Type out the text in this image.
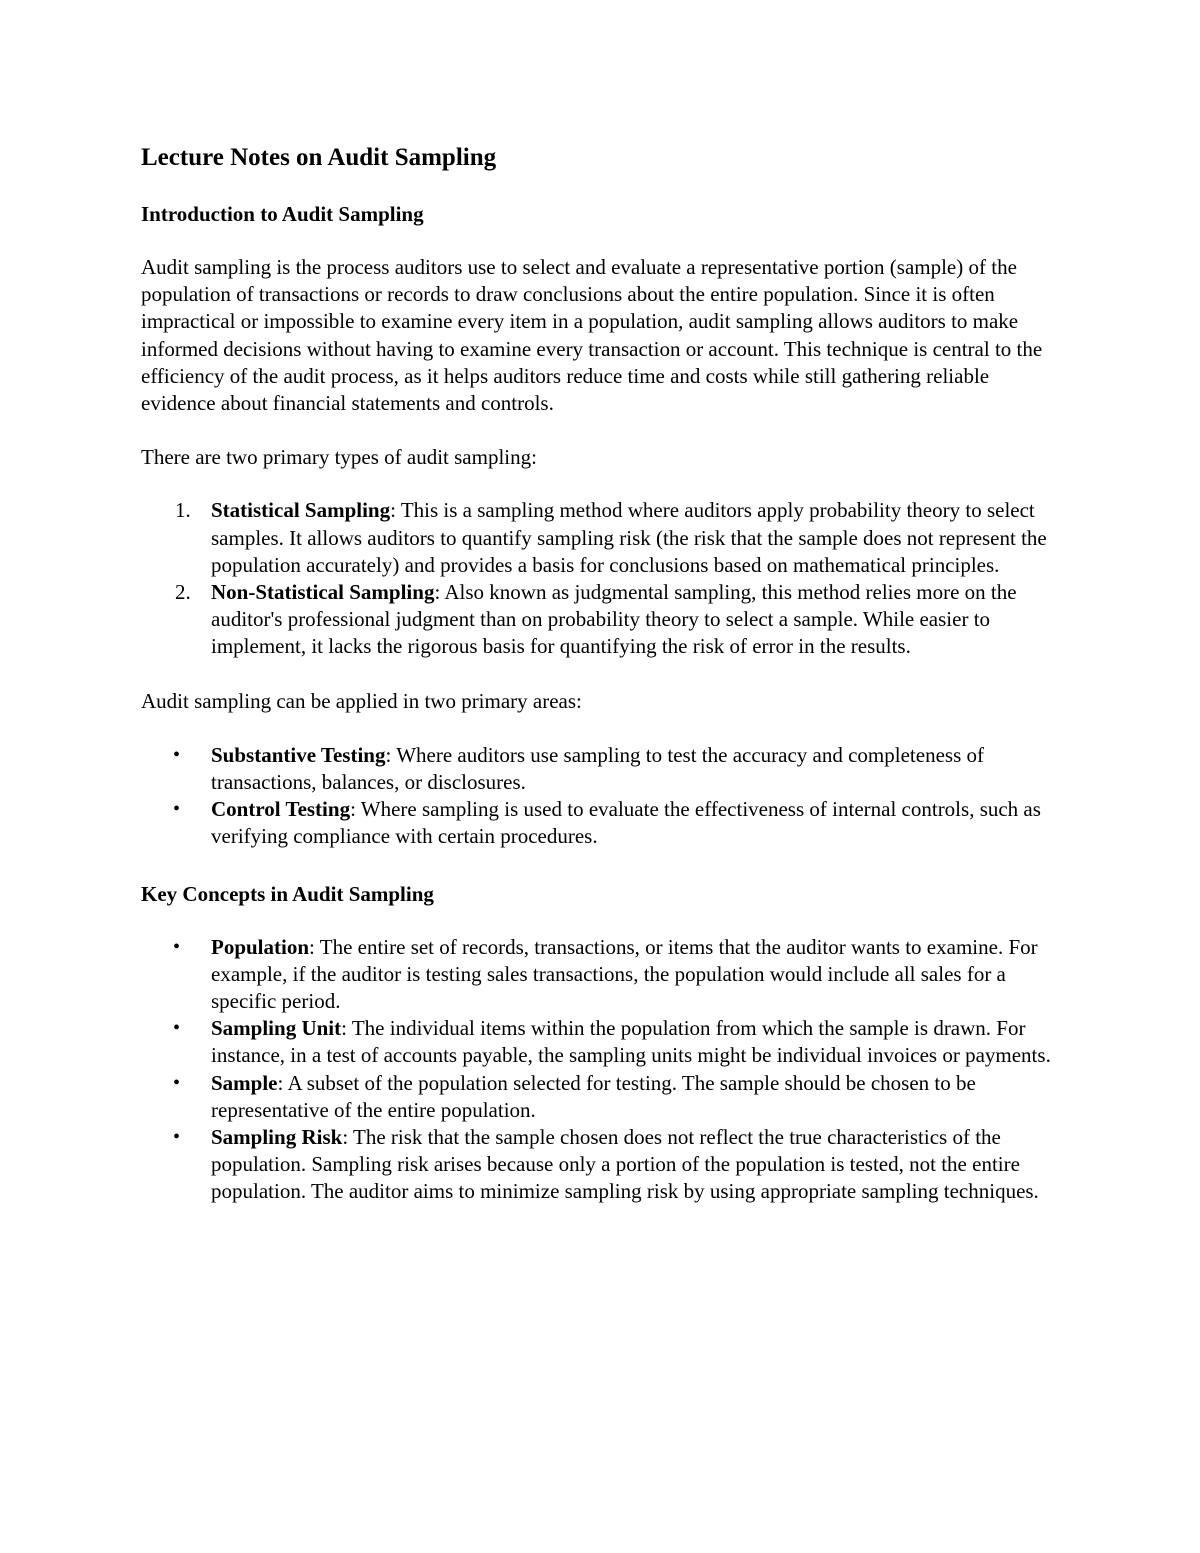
Lecture Notes on Audit Sampling
Introduction to Audit Sampling

Audit sampling is the process auditors use to select and evaluate a representative portion (sample) of the population of transactions or records to draw conclusions about the entire population. Since it is often impractical or impossible to examine every item in a population, audit sampling allows auditors to make informed decisions without having to examine every transaction or account. This technique is central to the efficiency of the audit process, as it helps auditors reduce time and costs while still gathering reliable evidence about financial statements and controls.

There are two primary types of audit sampling:

1. Statistical Sampling: This is a sampling method where auditors apply probability theory to select samples. It allows auditors to quantify sampling risk (the risk that the sample does not represent the population accurately) and provides a basis for conclusions based on mathematical principles.
2. Non-Statistical Sampling: Also known as judgmental sampling, this method relies more on the auditor's professional judgment than on probability theory to select a sample. While easier to implement, it lacks the rigorous basis for quantifying the risk of error in the results.

Audit sampling can be applied in two primary areas:

• Substantive Testing: Where auditors use sampling to test the accuracy and completeness of transactions, balances, or disclosures.
• Control Testing: Where sampling is used to evaluate the effectiveness of internal controls, such as verifying compliance with certain procedures.
Key Concepts in Audit Sampling
• Population: The entire set of records, transactions, or items that the auditor wants to examine. For example, if the auditor is testing sales transactions, the population would include all sales for a specific period.
• Sampling Unit: The individual items within the population from which the sample is drawn. For instance, in a test of accounts payable, the sampling units might be individual invoices or payments.
• Sample: A subset of the population selected for testing. The sample should be chosen to be representative of the entire population.
• Sampling Risk: The risk that the sample chosen does not reflect the true characteristics of the population. Sampling risk arises because only a portion of the population is tested, not the entire population. The auditor aims to minimize sampling risk by using appropriate sampling techniques.
